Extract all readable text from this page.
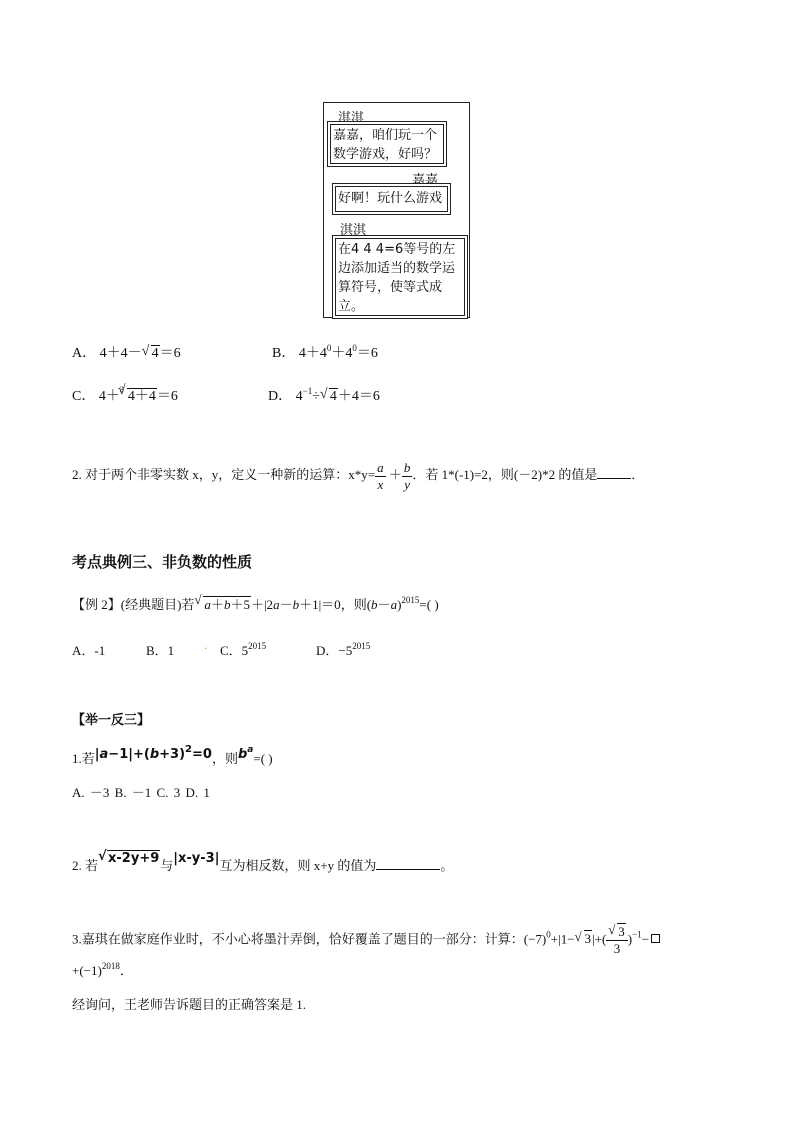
淇淇
嘉嘉，咱们玩一个数学游戏，好吗？
嘉嘉
好啊！玩什么游戏
淇淇
在4 4 4=6等号的左边添加适当的数学运算符号，使等式成立。
A． 4＋4－√ 4＝6	B． $4+4^0+4^0=6$
C． 4＋$^3$√ 4＋4＝6	D． $4^{-1}\div√$ 4＋4＝6
2. 对于两个非零实数 x，y，定义一种新的运算：$x*y= \frac{a}{x} + \frac{b}{y}$ ．若 1*(-1)=2，则(－2)*2 的值是	．
考点典例三、非负数的性质
【例 2】(经典题目)若√ a＋b＋5＋|2a－b＋1|＝0，则$(b-a)^{2015}=$( )
A．-1	B．1 . C．$5^{2015}$	D．$-5^{2015}$
【举一反三】
1.若$|a-1|+(b+3)^2=0$，则$b^a=$( )
A. －3 B. －1 C. 3 D. 1
2. 若√ x-2y+9与|x-y-3|互为相反数，则 x+y 的值为	。
3.嘉琪在做家庭作业时，不小心将墨汁弄倒，恰好覆盖了题目的一部分：计算：$(-7)^0+|1-√$ 3|+(
√ $\frac{3}{3} )^{-1}-$
$+(-1)^{2018}$．
经询问，王老师告诉题目的正确答案是 1.
